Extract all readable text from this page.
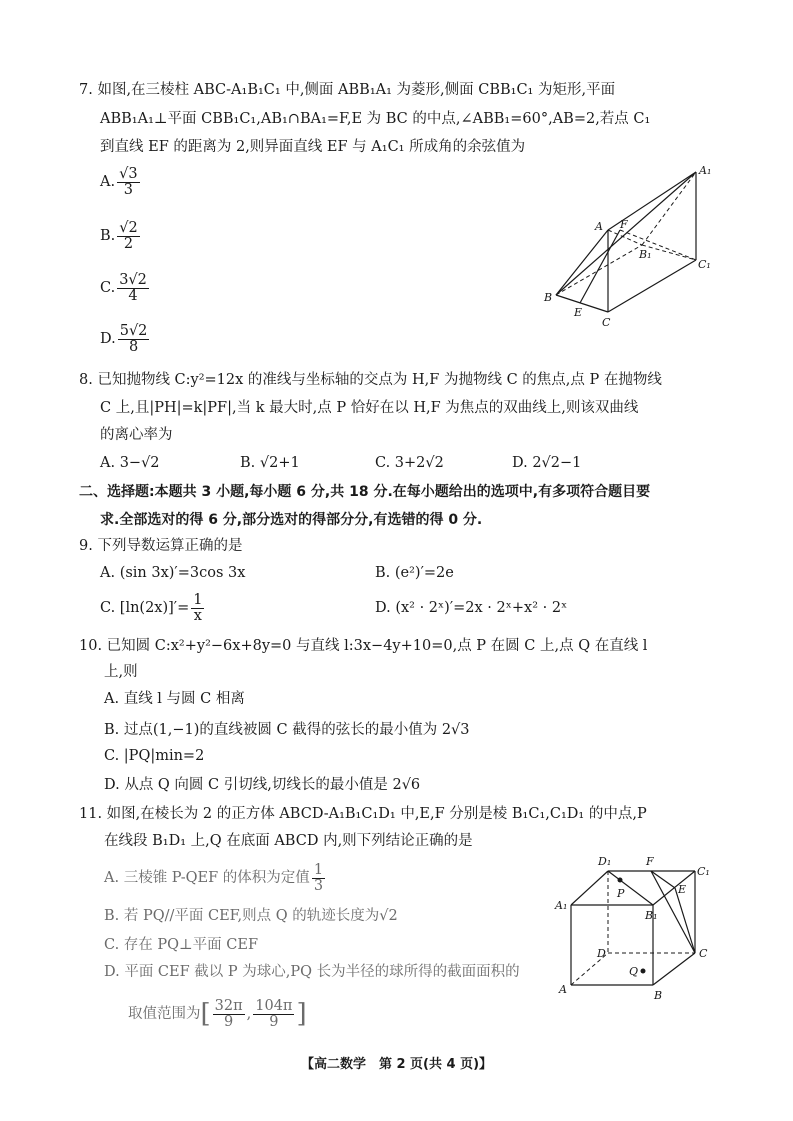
7. 如图,在三棱柱 ABC-A₁B₁C₁ 中,侧面 ABB₁A₁ 为菱形,侧面 CBB₁C₁ 为矩形,平面
ABB₁A₁⊥平面 CBB₁C₁,AB₁∩BA₁=F,E 为 BC 的中点,∠ABB₁=60°,AB=2,若点 C₁
到直线 EF 的距离为 2,则异面直线 EF 与 A₁C₁ 所成角的余弦值为
A. $\frac{√3}{3}$
B. $\frac{√2}{2}$
C. $\frac{3√2}{4}$
D. $\frac{5√2}{8}$
A₁
A F
B₁
C₁
B
E
C
8. 已知抛物线 C:y²=12x 的准线与坐标轴的交点为 H,F 为抛物线 C 的焦点,点 P 在抛物线
C 上,且|PH|=k|PF|,当 k 最大时,点 P 恰好在以 H,F 为焦点的双曲线上,则该双曲线
的离心率为
A. 3−√2	B. √2+1	C. 3+2√2	D. 2√2−1
二、选择题:本题共 3 小题,每小题 6 分,共 18 分.在每小题给出的选项中,有多项符合题目要
求.全部选对的得 6 分,部分选对的得部分分,有选错的得 0 分.
9. 下列导数运算正确的是
A. (sin 3x)′=3cos 3x	B. (e²)′=2e
C. $[\ln(2x)]'= \frac{1}{x}$	D. (x² · 2ˣ)′=2x · 2ˣ+x² · 2ˣ
10. 已知圆 C:x²+y²−6x+8y=0 与直线 l:3x−4y+10=0,点 P 在圆 C 上,点 Q 在直线 l
上,则
A. 直线 l 与圆 C 相离
B. 过点(1,−1)的直线被圆 C 截得的弦长的最小值为 2√3
C. |PQ|min=2
D. 从点 Q 向圆 C 引切线,切线长的最小值是 2√6
11. 如图,在棱长为 2 的正方体 ABCD-A₁B₁C₁D₁ 中,E,F 分别是棱 B₁C₁,C₁D₁ 的中点,P
在线段 B₁D₁ 上,Q 在底面 ABCD 内,则下列结论正确的是
A. 三棱锥 P-QEF 的体积为定值 $\frac{1}{3}$
B. 若 PQ//平面 CEF,则点 Q 的轨迹长度为√2
C. 存在 PQ⊥平面 CEF
D. 平面 CEF 截以 P 为球心,PQ 长为半径的球所得的截面面积的
取值范围为[ $\frac{32\pi}{9}$ , $\frac{104\pi}{9}$ ]
D₁	F
C₁
A₁
P	E
B₁
D	C
Q
A	B
【高二数学　第 2 页(共 4 页)】
